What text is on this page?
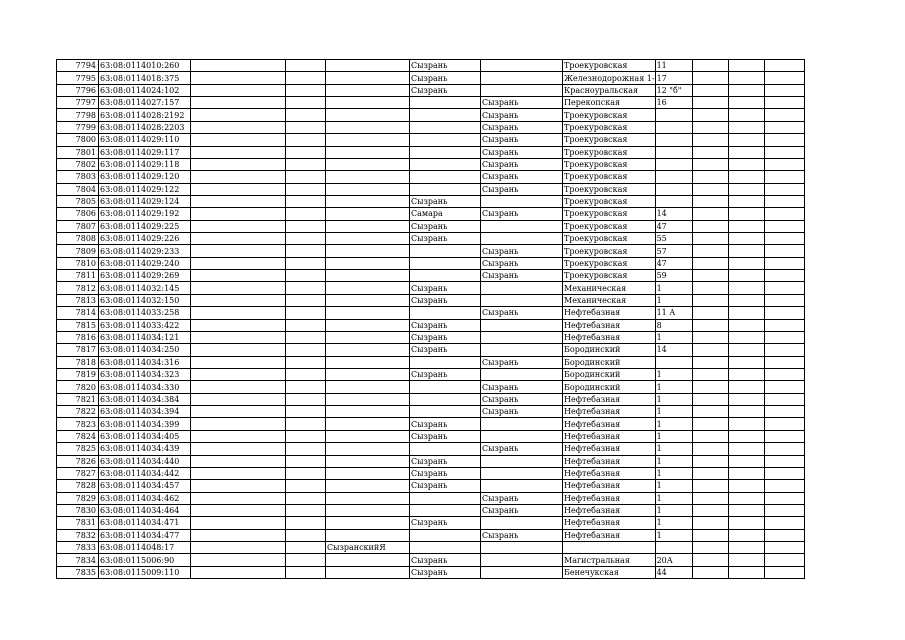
7794	63:08:0114010:260				Сызрань		Троекуровская	11			
7795	63:08:0114018:375				Сызрань		Железнодорожная 1-	17			
7796	63:08:0114024:102				Сызрань		Красноуральская	12 "б"			
7797	63:08:0114027:157					Сызрань	Перекопская	16			
7798	63:08:0114028:2192					Сызрань	Троекуровская				
7799	63:08:0114028:2203					Сызрань	Троекуровская				
7800	63:08:0114029:110					Сызрань	Троекуровская				
7801	63:08:0114029:117					Сызрань	Троекуровская				
7802	63:08:0114029:118					Сызрань	Троекуровская				
7803	63:08:0114029:120					Сызрань	Троекуровская				
7804	63:08:0114029:122					Сызрань	Троекуровская				
7805	63:08:0114029:124				Сызрань		Троекуровская				
7806	63:08:0114029:192				Самара	Сызрань	Троекуровская	14			
7807	63:08:0114029:225				Сызрань		Троекуровская	47			
7808	63:08:0114029:226				Сызрань		Троекуровская	55			
7809	63:08:0114029:233					Сызрань	Троекуровская	57			
7810	63:08:0114029:240					Сызрань	Троекуровская	47			
7811	63:08:0114029:269					Сызрань	Троекуровская	59			
7812	63:08:0114032:145				Сызрань		Механическая	1			
7813	63:08:0114032:150				Сызрань		Механическая	1			
7814	63:08:0114033:258					Сызрань	Нефтебазная	11 А			
7815	63:08:0114033:422				Сызрань		Нефтебазная	8			
7816	63:08:0114034:121				Сызрань		Нефтебазная	1			
7817	63:08:0114034:250				Сызрань		Бородинский	14			
7818	63:08:0114034:316					Сызрань	Бородинский				
7819	63:08:0114034:323				Сызрань		Бородинский	1			
7820	63:08:0114034:330					Сызрань	Бородинский	1			
7821	63:08:0114034:384					Сызрань	Нефтебазная	1			
7822	63:08:0114034:394					Сызрань	Нефтебазная	1			
7823	63:08:0114034:399				Сызрань		Нефтебазная	1			
7824	63:08:0114034:405				Сызрань		Нефтебазная	1			
7825	63:08:0114034:439					Сызрань	Нефтебазная	1			
7826	63:08:0114034:440				Сызрань		Нефтебазная	1			
7827	63:08:0114034:442				Сызрань		Нефтебазная	1			
7828	63:08:0114034:457				Сызрань		Нефтебазная	1			
7829	63:08:0114034:462					Сызрань	Нефтебазная	1			
7830	63:08:0114034:464					Сызрань	Нефтебазная	1			
7831	63:08:0114034:471				Сызрань		Нефтебазная	1			
7832	63:08:0114034:477					Сызрань	Нефтебазная	1			
7833	63:08:0114048:17			СызранскийЯ							
7834	63:08:0115006:90				Сызрань		Магистральная	20А			
7835	63:08:0115009:110				Сызрань		Бенечукская	44			
